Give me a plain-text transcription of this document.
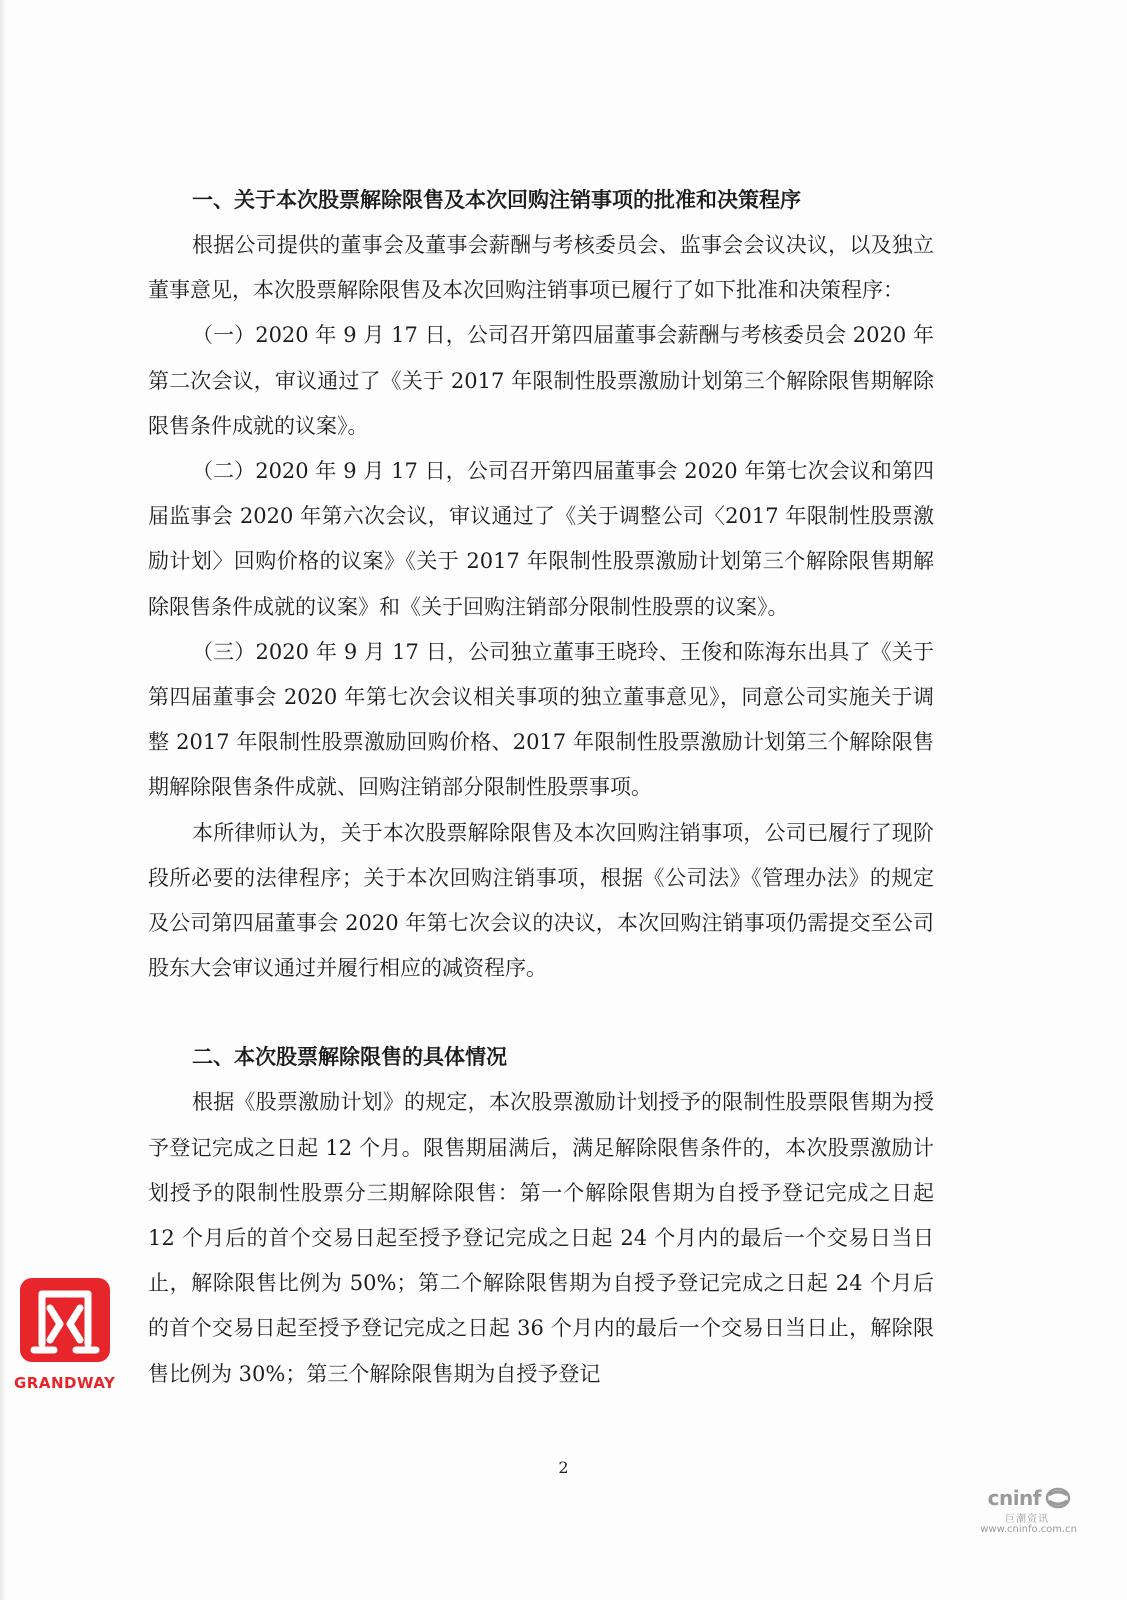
一、关于本次股票解除限售及本次回购注销事项的批准和决策程序

根据公司提供的董事会及董事会薪酬与考核委员会、监事会会议决议，以及独立董事意见，本次股票解除限售及本次回购注销事项已履行了如下批准和决策程序：

（一）2020 年 9 月 17 日，公司召开第四届董事会薪酬与考核委员会 2020 年第二次会议，审议通过了《关于 2017 年限制性股票激励计划第三个解除限售期解除限售条件成就的议案》。

（二）2020 年 9 月 17 日，公司召开第四届董事会 2020 年第七次会议和第四届监事会 2020 年第六次会议，审议通过了《关于调整公司〈2017 年限制性股票激励计划〉回购价格的议案》《关于 2017 年限制性股票激励计划第三个解除限售期解除限售条件成就的议案》和《关于回购注销部分限制性股票的议案》。

（三）2020 年 9 月 17 日，公司独立董事王晓玲、王俊和陈海东出具了《关于第四届董事会 2020 年第七次会议相关事项的独立董事意见》，同意公司实施关于调整 2017 年限制性股票激励回购价格、2017 年限制性股票激励计划第三个解除限售期解除限售条件成就、回购注销部分限制性股票事项。

本所律师认为，关于本次股票解除限售及本次回购注销事项，公司已履行了现阶段所必要的法律程序；关于本次回购注销事项，根据《公司法》《管理办法》的规定及公司第四届董事会 2020 年第七次会议的决议，本次回购注销事项仍需提交至公司股东大会审议通过并履行相应的减资程序。

二、本次股票解除限售的具体情况

根据《股票激励计划》的规定，本次股票激励计划授予的限制性股票限售期为授予登记完成之日起 12 个月。限售期届满后，满足解除限售条件的，本次股票激励计划授予的限制性股票分三期解除限售：第一个解除限售期为自授予登记完成之日起 12 个月后的首个交易日起至授予登记完成之日起 24 个月内的最后一个交易日当日止，解除限售比例为 50%；第二个解除限售期为自授予登记完成之日起 24 个月后的首个交易日起至授予登记完成之日起 36 个月内的最后一个交易日当日止，解除限售比例为 30%；第三个解除限售期为自授予登记

GRANDWAY
2
cninf
巨潮资讯
www.cninfo.com.cn
